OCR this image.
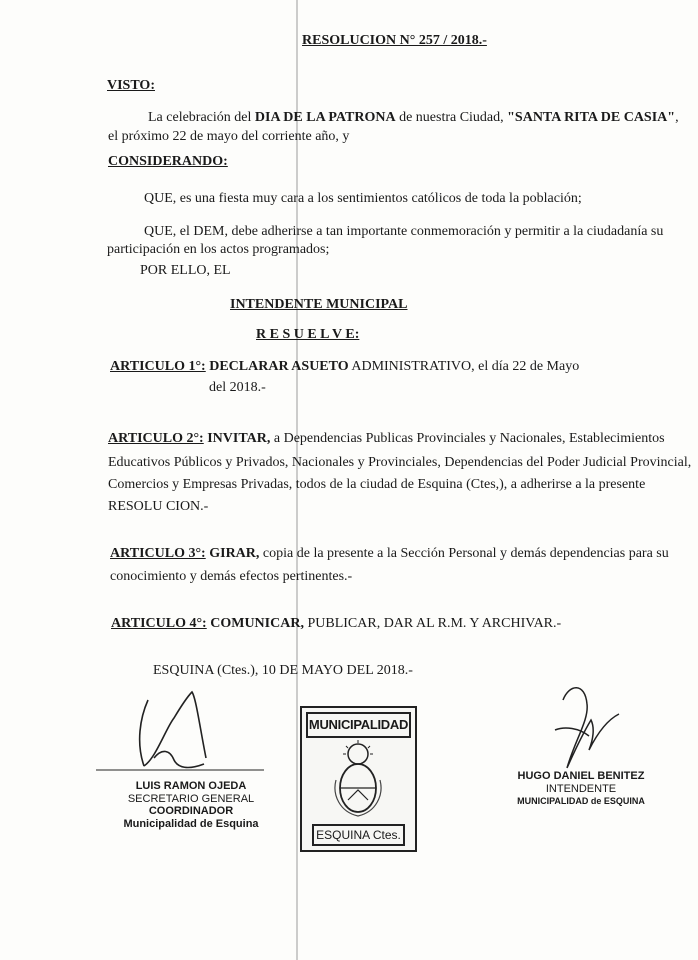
RESOLUCION N° 257 / 2018.-
VISTO:
La celebración del DIA DE LA PATRONA de nuestra Ciudad, "SANTA RITA DE CASIA",
el próximo 22 de mayo del corriente año, y
CONSIDERANDO:
QUE, es una fiesta muy cara a los sentimientos católicos de toda la población;
QUE, el DEM, debe adherirse a tan importante conmemoración y permitir a la ciudadanía su
participación en los actos programados;
POR ELLO, EL
INTENDENTE MUNICIPAL
R E S U E L V E:
ARTICULO 1°: DECLARAR ASUETO ADMINISTRATIVO, el día 22 de Mayo
del 2018.-
ARTICULO 2°: INVITAR, a Dependencias Publicas Provinciales y Nacionales, Establecimientos
Educativos Públicos y Privados, Nacionales y Provinciales, Dependencias del Poder Judicial Provincial,
Comercios y Empresas Privadas, todos de la ciudad de Esquina (Ctes,), a adherirse a la presente
RESOLU CION.-
ARTICULO 3°: GIRAR, copia de la presente a la Sección Personal y demás dependencias para su
conocimiento y demás efectos pertinentes.-
ARTICULO 4°: COMUNICAR, PUBLICAR, DAR AL R.M. Y ARCHIVAR.-
ESQUINA (Ctes.), 10 DE MAYO DEL 2018.-
LUIS RAMON OJEDA
SECRETARIO GENERAL
COORDINADOR
Municipalidad de Esquina
MUNICIPALIDAD
ESQUINA Ctes.
HUGO DANIEL BENITEZ
INTENDENTE
MUNICIPALIDAD de ESQUINA
